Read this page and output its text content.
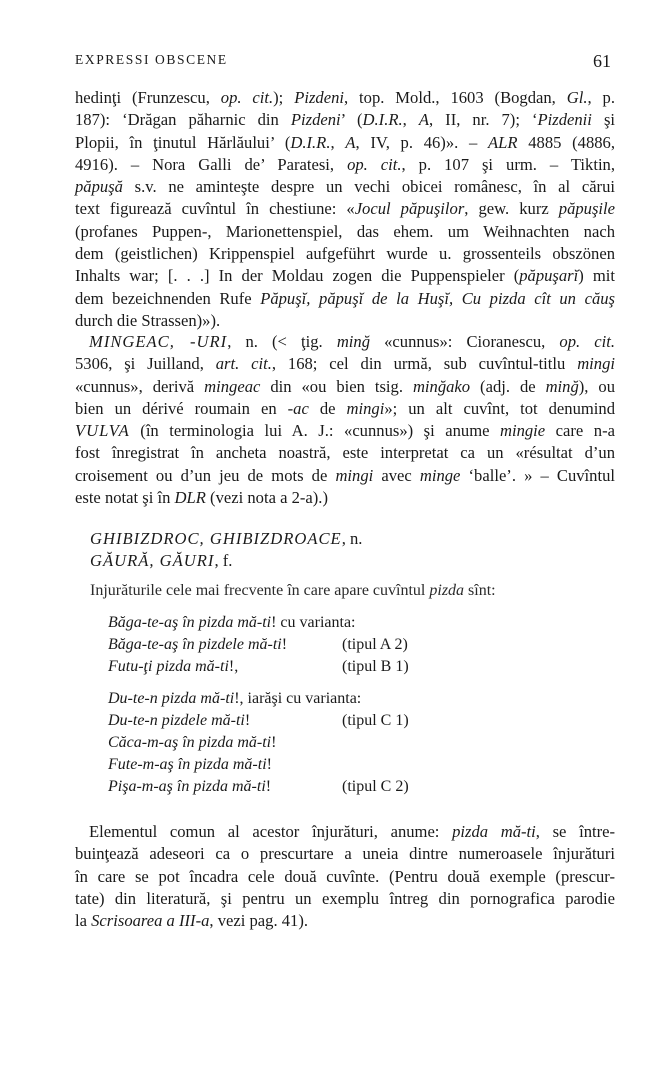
EXPRESSI OBSCENE	61
hedinţi (Frunzescu, op. cit.); Pizdeni, top. Mold., 1603 (Bogdan, Gl., p.
187): ‘Drăgan păharnic din Pizdeni’ (D.I.R., A, II, nr. 7); ‘Pizdenii şi
Plopii, în ţinutul Hărlăului’ (D.I.R., A, IV, p. 46)». – ALR 4885 (4886,
4916). – Nora Galli de’ Paratesi, op. cit., p. 107 şi urm. – Tiktin,
păpuşă s.v. ne aminteşte despre un vechi obicei românesc, în al cărui
text figurează cuvîntul în chestiune: «Jocul păpuşilor, gew. kurz păpuşile
(profanes Puppen-, Marionettenspiel, das ehem. um Weihnachten nach
dem (geistlichen) Krippenspiel aufgeführt wurde u. grossenteils obszönen
Inhalts war; [. . .] In der Moldau zogen die Puppenspieler (păpuşarĭ) mit
dem bezeichnenden Rufe Păpuşĭ, păpuşĭ de la Huşĭ, Cu pizda cît un căuş
durch die Strassen)»).
MINGEAC, -URI, n. (< ţig. minğ «cunnus»: Cioranescu, op. cit.
5306, şi Juilland, art. cit., 168; cel din urmă, sub cuvîntul-titlu mingi
«cunnus», derivă mingeac din «ou bien tsig. minğako (adj. de minğ), ou
bien un dérivé roumain en -ac de mingi»; un alt cuvînt, tot denumind
VULVA (în terminologia lui A. J.: «cunnus») şi anume mingie care n-a
fost înregistrat în ancheta noastră, este interpretat ca un «résultat d’un
croisement ou d’un jeu de mots de mingi avec minge ‘balle’. » – Cuvîntul
este notat şi în DLR (vezi nota a 2-a).)
GHIBIZDROC, GHIBIZDROACE, n.
GĂURĂ, GĂURI, f.
Injurăturile cele mai frecvente în care apare cuvîntul pizda sînt:
Băga-te-aş în pizda mă-ti! cu varianta:
Băga-te-aş în pizdele mă-ti!	(tipul A 2)
Futu-ţi pizda mă-ti!,	(tipul B 1)
Du-te-n pizda mă-ti!, iarăşi cu varianta:
Du-te-n pizdele mă-ti!	(tipul C 1)
Căca-m-aş în pizda mă-ti!
Fute-m-aş în pizda mă-ti!
Pişa-m-aş în pizda mă-ti!	(tipul C 2)
Elementul comun al acestor înjurături, anume: pizda mă-ti, se între-
buinţează adeseori ca o prescurtare a uneia dintre numeroasele înjurături
în care se pot încadra cele două cuvînte. (Pentru două exemple (prescur-
tate) din literatură, şi pentru un exemplu întreg din pornografica parodie
la Scrisoarea a III-a, vezi pag. 41).
